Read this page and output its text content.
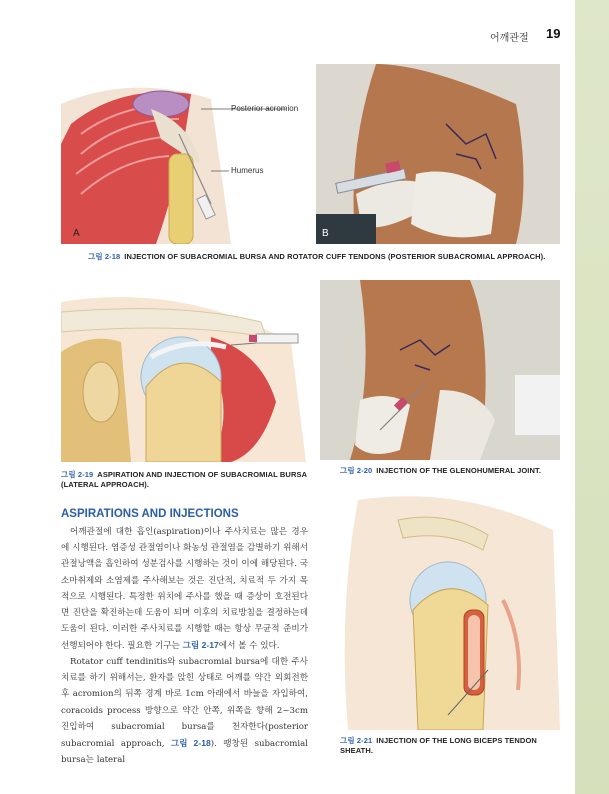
어깨관절 19
Posterior acromion
Humerus
A	B
그림 2-18 INJECTION OF SUBACROMIAL BURSA AND ROTATOR CUFF TENDONS (POSTERIOR SUBACROMIAL APPROACH).
그림 2-19 ASPIRATION AND INJECTION OF SUBACROMIAL BURSA (LATERAL APPROACH).
그림 2-20 INJECTION OF THE GLENOHUMERAL JOINT.
ASPIRATIONS AND INJECTIONS
어깨관절에 대한 흡인(aspiration)이나 주사치료는 많은 경우에 시행된다. 염증성 관절염이나 화농성 관절염을 감별하기 위해서 관절낭액을 흡인하여 성분검사를 시행하는 것이 이에 해당된다. 국소마취제와 소염제를 주사해보는 것은 진단적, 치료적 두 가지 목적으로 시행된다. 특정한 위치에 주사를 했을 때 증상이 호전된다면 진단을 확진하는데 도움이 되며 이후의 치료방침을 결정하는데 도움이 된다. 이러한 주사치료를 시행할 때는 항상 무균적 준비가 선행되어야 한다. 필요한 기구는 그림 2-17에서 볼 수 있다.
Rotator cuff tendinitis와 subacromial bursa에 대한 주사치료를 하기 위해서는, 환자를 앉힌 상태로 어깨를 약간 외회전한 후 acromion의 뒤쪽 경계 바로 1cm 아래에서 바늘을 자입하여, coracoids process 방향으로 약간 안쪽, 위쪽을 향해 2~3cm 진입하여 subacromial bursa를 천자한다(posterior subacromial approach, 그림 2-18). 팽창된 subacromial bursa는 lateral
그림 2-21 INJECTION OF THE LONG BICEPS TENDON SHEATH.
